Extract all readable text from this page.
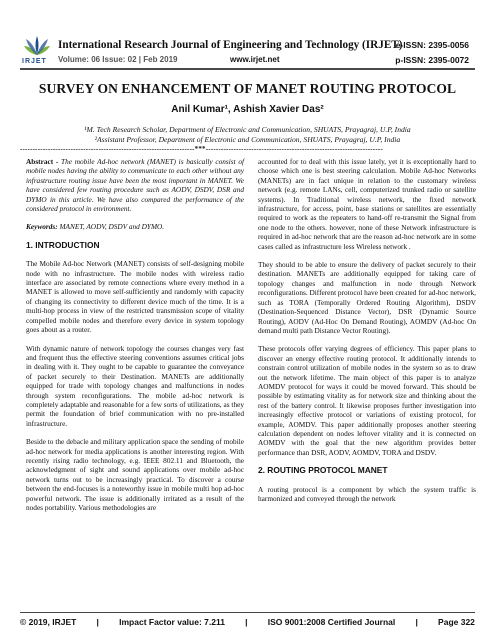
IRJET
International Research Journal of Engineering and Technology (IRJET)
Volume: 06 Issue: 02 | Feb 2019	www.irjet.net
e-ISSN: 2395-0056
p-ISSN: 2395-0072
SURVEY ON ENHANCEMENT OF MANET ROUTING PROTOCOL
Anil Kumar¹, Ashish Xavier Das²
¹M. Tech Research Scholar, Department of Electronic and Communication, SHUATS, Prayagraj, U.P, India
²Assistant Professor, Department of Electronic and Communication, SHUATS, Prayagraj, U.P, India
---------------------------------------------------------------------***----------------------------------------------------------------------

Abstract - The mobile Ad-hoc network (MANET) is basically consist of mobile nodes having the ability to communicate to each other without any infrastructure routing issue have been the most important in MANET. We have considered few routing procedure such as AODV, DSDV, DSR and DYMO in this article. We have also compared the performance of the considered protocol in environment.

Keywords: MANET, AODV, DSDV and DYMO.

1. INTRODUCTION

The Mobile Ad-hoc Network (MANET) consists of self-designing mobile node with no infrastructure. The mobile nodes with wireless radio interface are associated by remote connections where every method in a MANET is allowed to move self-sufficiently and randomly with capacity of changing its connectivity to different device much of the time. It is a multi-hop process in view of the restricted transmission scope of vitality compelled mobile nodes and therefore every device in system topology goes about as a router.

With dynamic nature of network topology the courses changes very fast and frequent thus the effective steering conventions assumes critical jobs in dealing with it. They ought to be capable to guarantee the conveyance of packet securely to their Destination. MANETs are additionally equipped for trade with topology changes and malfunctions in nodes through system reconfigurations. The mobile ad-hoc network is completely adaptable and reasonable for a few sorts of utilizations, as they permit the foundation of brief communication with no pre-installed infrastructure.

Beside to the debacle and military application space the sending of mobile ad-hoc network for media applications is another interesting region. With recently rising radio technology, e.g. IEEE 802.11 and Bluetooth, the acknowledgment of sight and sound applications over mobile ad-hoc network turns out to be increasingly practical. To discover a course between the end-focuses is a noteworthy issue in mobile multi hop ad-hoc powerful network. The issue is additionally irritated as a result of the nodes portability. Various methodologies are

accounted for to deal with this issue lately, yet it is exceptionally hard to choose which one is best steering calculation. Mobile Ad-hoc Networks (MANETs) are in fact unique in relation to the customary wireless network (e.g. remote LANs, cell, computerized trunked radio or satellite systems). In Traditional wireless network, the fixed network infrastructure, for access, point, base stations or satellites are essentially required to work as the repeaters to hand-off re-transmit the Signal from one node to the others. however, none of these Network infrastructure is required in ad-hoc network that are the reason ad-hoc network are in some cases called as infrastructure less Wireless network .

They should to be able to ensure the delivery of packet securely to their destination. MANETs are additionally equipped for taking care of topology changes and malfunction in node through Network reconfigurations. Different protocol have been created for ad-hoc network, such as TORA (Temporally Ordered Routing Algorithm), DSDV (Destination-Sequenced Distance Vector), DSR (Dynamic Source Routing), AODV (Ad-Hoc On Demand Routing), AOMDV (Ad-hoc On demand multi path Distance Vector Routing).

These protocols offer varying degrees of efficiency. This paper plans to discover an energy effective routing protocol. It additionally intends to constrain control utilization of mobile nodes in the system so as to draw out the network lifetime. The main object of this paper is to analyze AOMDV protocol for ways it could be moved forward. This should be possible by estimating vitality as for network size and thinking about the rest of the battery control. It likewise proposes further investigation into increasingly effective protocol or variations of existing protocol, for example, AOMDV. This paper additionally proposes another steering calculation dependent on nodes leftover vitality and it is connected on AOMDV with the goal that the new algorithm provides better performance than DSR, AODV, AOMDV, TORA and DSDV.

2. ROUTING PROTOCOL MANET

A routing protocol is a component by which the system traffic is harmonized and conveyed through the network

© 2019, IRJET | Impact Factor value: 7.211 | ISO 9001:2008 Certified Journal | Page 322
